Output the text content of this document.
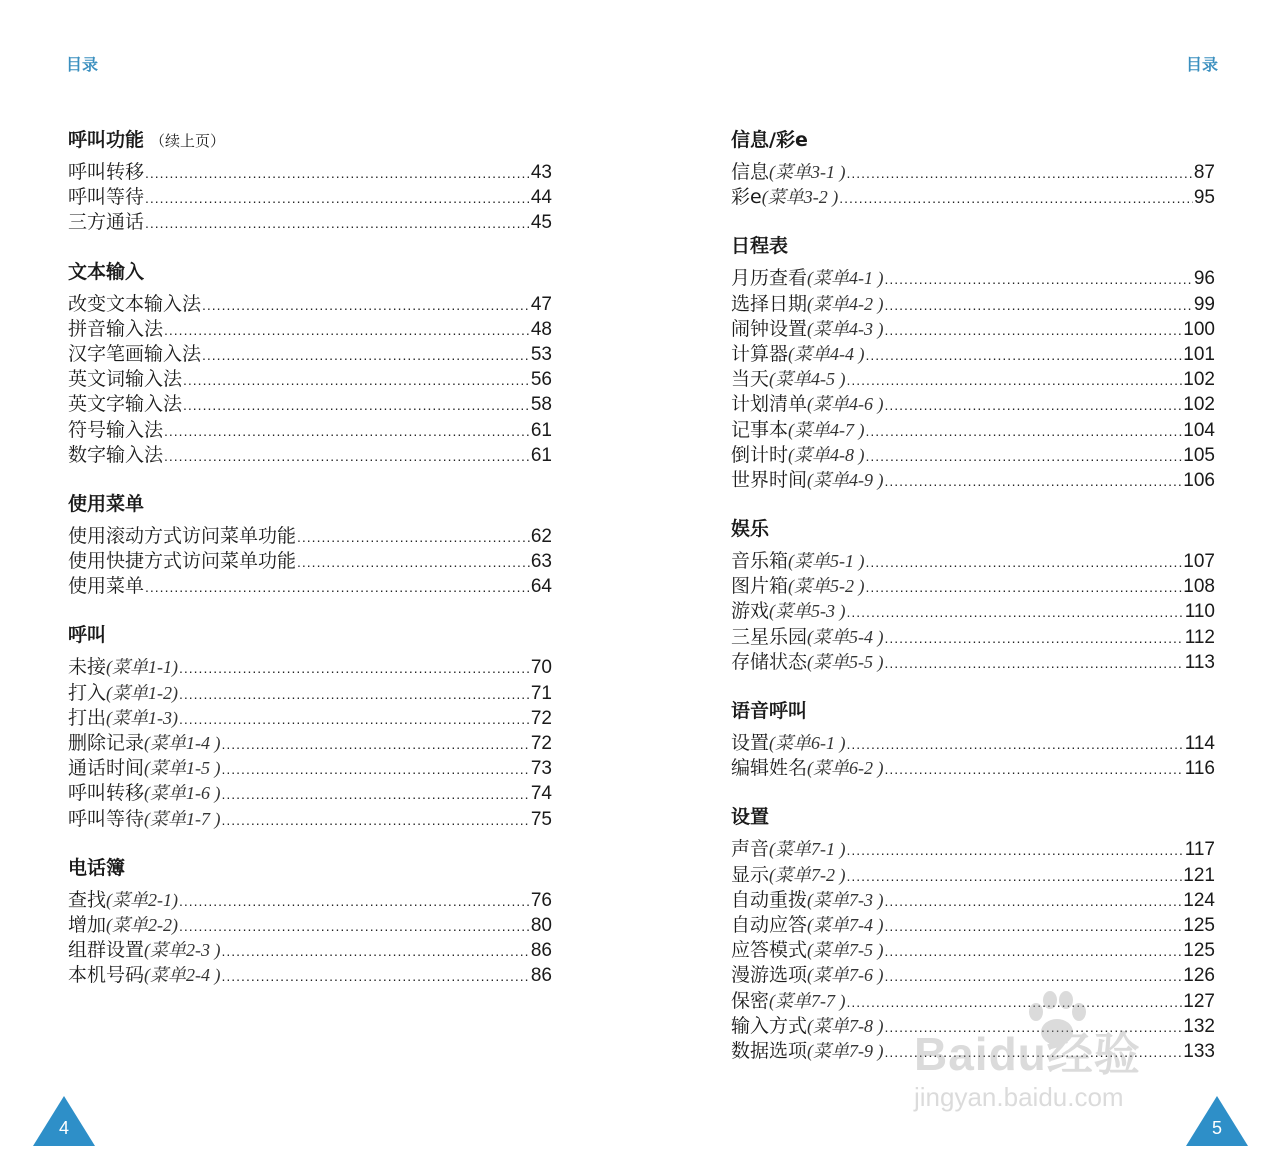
目录	目录
呼叫功能 （续上页）
呼叫转移 .....	43
呼叫等待 .....	44
三方通话 .....	45
文本输入
改变文本输入法 .....	47
拼音输入法 .....	48
汉字笔画输入法 .....	53
英文词输入法 .....	56
英文字输入法 .....	58
符号输入法 .....	61
数字输入法 .....	61
使用菜单
使用滚动方式访问菜单功能 .....	62
使用快捷方式访问菜单功能 .....	63
使用菜单 .....	64
呼叫
未接 (菜单1-1) .....	70
打入 (菜单1-2) .....	71
打出 (菜单1-3) .....	72
删除记录 (菜单1-4 ) .....	72
通话时间 (菜单1-5 ) .....	73
呼叫转移 (菜单1-6 ) .....	74
呼叫等待 (菜单1-7 ) .....	75
电话簿
查找 (菜单2-1) .....	76
增加 (菜单2-2) .....	80
组群设置 (菜单2-3 ) .....	86
本机号码 (菜单2-4 ) .....	86
信息/彩e
信息 (菜单3-1 ) .....	87
彩e (菜单3-2 ) .....	95
日程表
月历查看 (菜单4-1 ) .....	96
选择日期 (菜单4-2 ) .....	99
闹钟设置 (菜单4-3 ) .....	100
计算器 (菜单4-4 ) .....	101
当天 (菜单4-5 ) .....	102
计划清单 (菜单4-6 ) .....	102
记事本 (菜单4-7 ) .....	104
倒计时 (菜单4-8 ) .....	105
世界时间 (菜单4-9 ) .....	106
娱乐
音乐箱 (菜单5-1 ) .....	107
图片箱 (菜单5-2 ) .....	108
游戏 (菜单5-3 ) .....	110
三星乐园 (菜单5-4 ) .....	112
存储状态 (菜单5-5 ) .....	113
语音呼叫
设置 (菜单6-1 ) .....	114
编辑姓名 (菜单6-2 ) .....	116
设置
声音 (菜单7-1 ) .....	117
显示 (菜单7-2 ) .....	121
自动重拨 (菜单7-3 ) .....	124
自动应答 (菜单7-4 ) .....	125
应答模式 (菜单7-5 ) .....	125
漫游选项 (菜单7-6 ) .....	126
保密 (菜单7-7 ) .....	127
输入方式 (菜单7-8 ) .....	132
数据选项 (菜单7-9 ) .....	133
4	5
Baidu经验
jingyan.baidu.com
